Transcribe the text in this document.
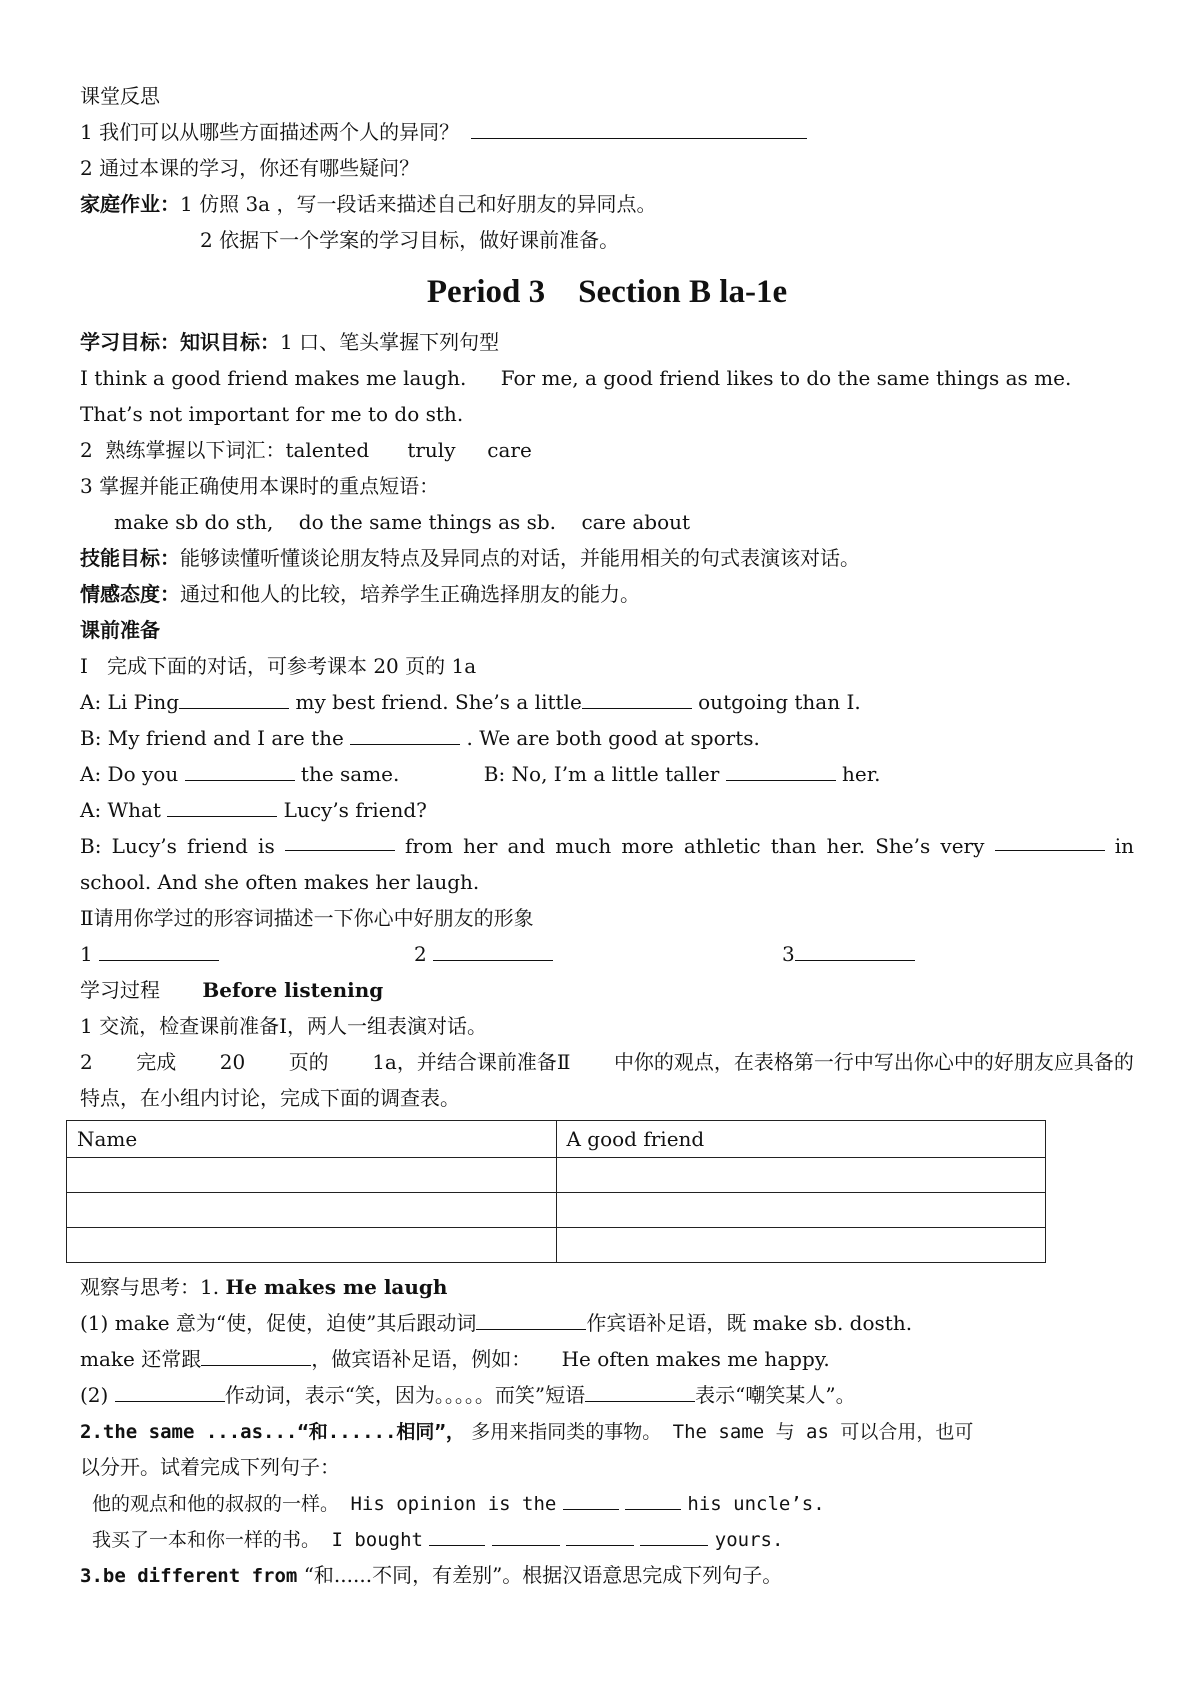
课堂反思
1 我们可以从哪些方面描述两个人的异同？
2 通过本课的学习，你还有哪些疑问？
家庭作业：1 仿照 3a ，写一段话来描述自己和好朋友的异同点。
2 依据下一个学案的学习目标，做好课前准备。
Period 3    Section B la-1e
学习目标：知识目标：1 口、笔头掌握下列句型
I think a good friend makes me laugh. For me, a good friend likes to do the same things as me.
That’s not important for me to do sth.
2  熟练掌握以下词汇：talented      truly     care
3 掌握并能正确使用本课时的重点短语：
make sb do sth,    do the same things as sb.    care about
技能目标：能够读懂听懂谈论朋友特点及异同点的对话，并能用相关的句式表演该对话。
情感态度：通过和他人的比较，培养学生正确选择朋友的能力。
课前准备
Ⅰ   完成下面的对话，可参考课本 20 页的 1a
A: Li Ping	my best friend. She’s a little	outgoing than I.
B: My friend and I are the	. We are both good at sports.
A: Do you	the same.	B: No, I’m a little taller	her.
A: What	Lucy’s friend?
B: Lucy’s friend is	from her and much more athletic than her. She’s very	in
school. And she often makes her laugh.
Ⅱ请用你学过的形容词描述一下你心中好朋友的形象
1	2	3
学习过程 Before listening
1 交流，检查课前准备Ⅰ，两人一组表演对话。
2 完成 20 页的 1a，并结合课前准备Ⅱ 中你的观点，在表格第一行中写出你心中的好朋友应具备的
特点，在小组内讨论，完成下面的调查表。
Name	A good friend

观察与思考：1. He makes me laugh
(1) make 意为“使，促使，迫使”其后跟动词	作宾语补足语，既 make sb. dosth.
make 还常跟	，做宾语补足语，例如： He often makes me happy.
(2)	作动词，表示“笑，因为。。。。。而笑”短语	表示“嘲笑某人”。
2.the same ...as...“和......相同”， 多用来指同类的事物。 The same 与 as 可以合用，也可
以分开。试着完成下列句子：
他的观点和他的叔叔的一样。 His opinion is the	his uncle’s.
我买了一本和你一样的书。 I bought	yours.
3.be different from “和......不同，有差别”。根据汉语意思完成下列句子。
